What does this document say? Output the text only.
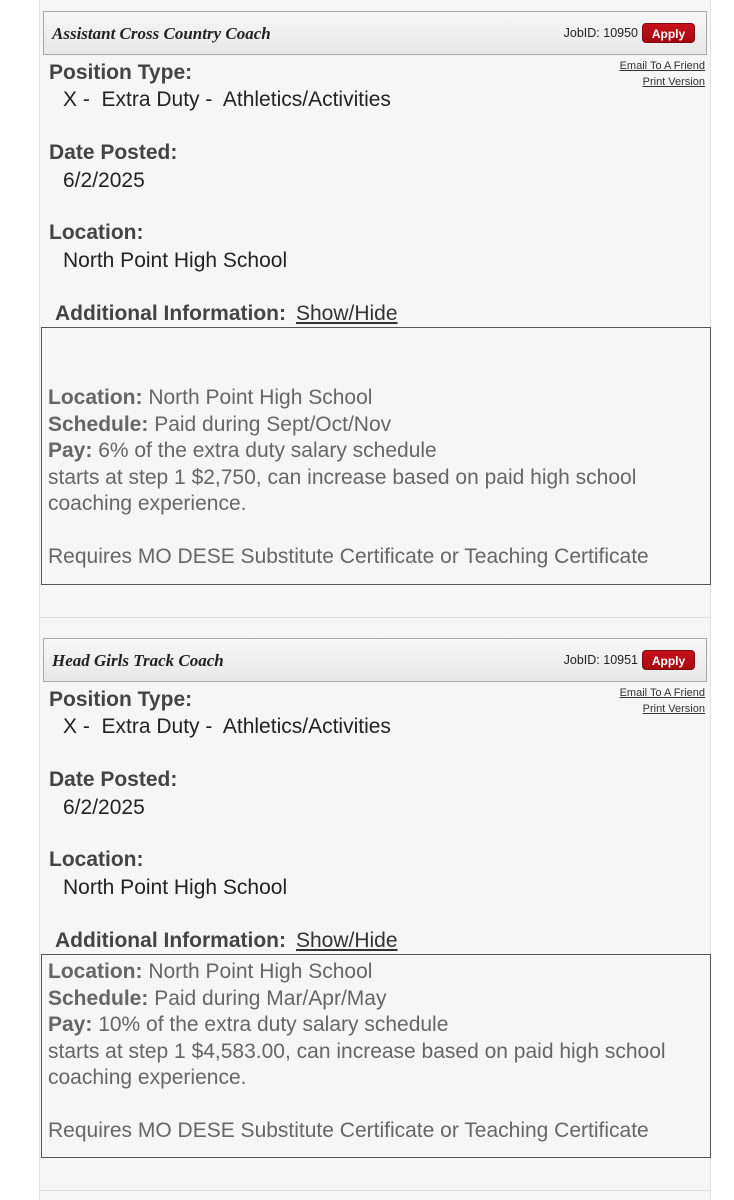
Assistant Cross Country Coach	JobID: 10950	Apply
Email To A Friend
Print Version
Position Type:
X -  Extra Duty -  Athletics/Activities
Date Posted:
6/2/2025
Location:
North Point High School
Additional Information: Show/Hide

Location: North Point High School

Schedule: Paid during Sept/Oct/Nov

Pay: 6% of the extra duty salary schedule

starts at step 1 $2,750, can increase based on paid high school coaching experience.

Requires MO DESE Substitute Certificate or Teaching Certificate

Head Girls Track Coach	JobID: 10951	Apply
Email To A Friend
Print Version
Position Type:
X -  Extra Duty -  Athletics/Activities
Date Posted:
6/2/2025
Location:
North Point High School
Additional Information: Show/Hide

Location: North Point High School

Schedule: Paid during Mar/Apr/May

Pay: 10% of the extra duty salary schedule

starts at step 1 $4,583.00, can increase based on paid high school coaching experience.

Requires MO DESE Substitute Certificate or Teaching Certificate
